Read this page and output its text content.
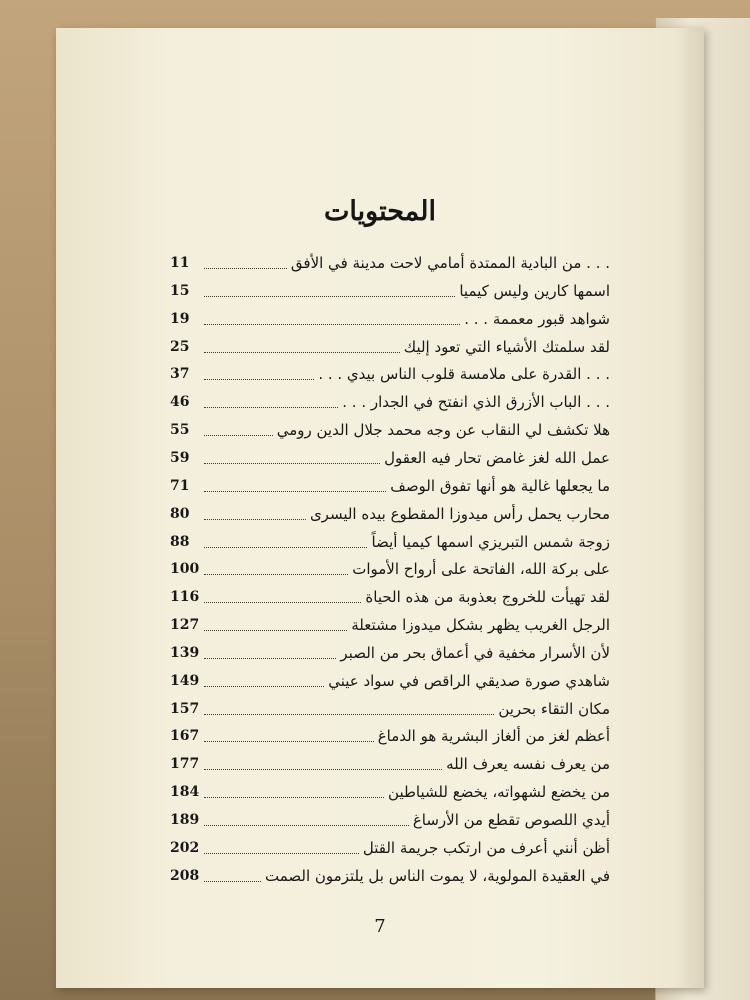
المحتويات
. . . من البادية الممتدة أمامي لاحت مدينة في الأفق
11
اسمها كارين وليس كيميا
15
شواهد قبور معممة . . .
19
لقد سلمتك الأشياء التي تعود إليك
25
. . . القدرة على ملامسة قلوب الناس بيدي . . .
37
. . . الباب الأزرق الذي انفتح في الجدار . . .
46
هلا تكشف لي النقاب عن وجه محمد جلال الدين رومي
55
عمل الله لغز غامض تحار فيه العقول
59
ما يجعلها غالية هو أنها تفوق الوصف
71
محارب يحمل رأس ميدوزا المقطوع بيده اليسرى
80
زوجة شمس التبريزي اسمها كيميا أيضاً
88
على بركة الله، الفاتحة على أرواح الأموات
100
لقد تهيأت للخروج بعذوبة من هذه الحياة
116
الرجل الغريب يظهر بشكل ميدوزا مشتعلة
127
لأن الأسرار مخفية في أعماق بحر من الصبر
139
شاهدي صورة صديقي الراقص في سواد عيني
149
مكان التقاء بحرين
157
أعظم لغز من ألغاز البشرية هو الدماغ
167
من يعرف نفسه يعرف الله
177
من يخضع لشهواته، يخضع للشياطين
184
أيدي اللصوص تقطع من الأرساغ
189
أظن أنني أعرف من ارتكب جريمة القتل
202
في العقيدة المولوية، لا يموت الناس بل يلتزمون الصمت
208
7
